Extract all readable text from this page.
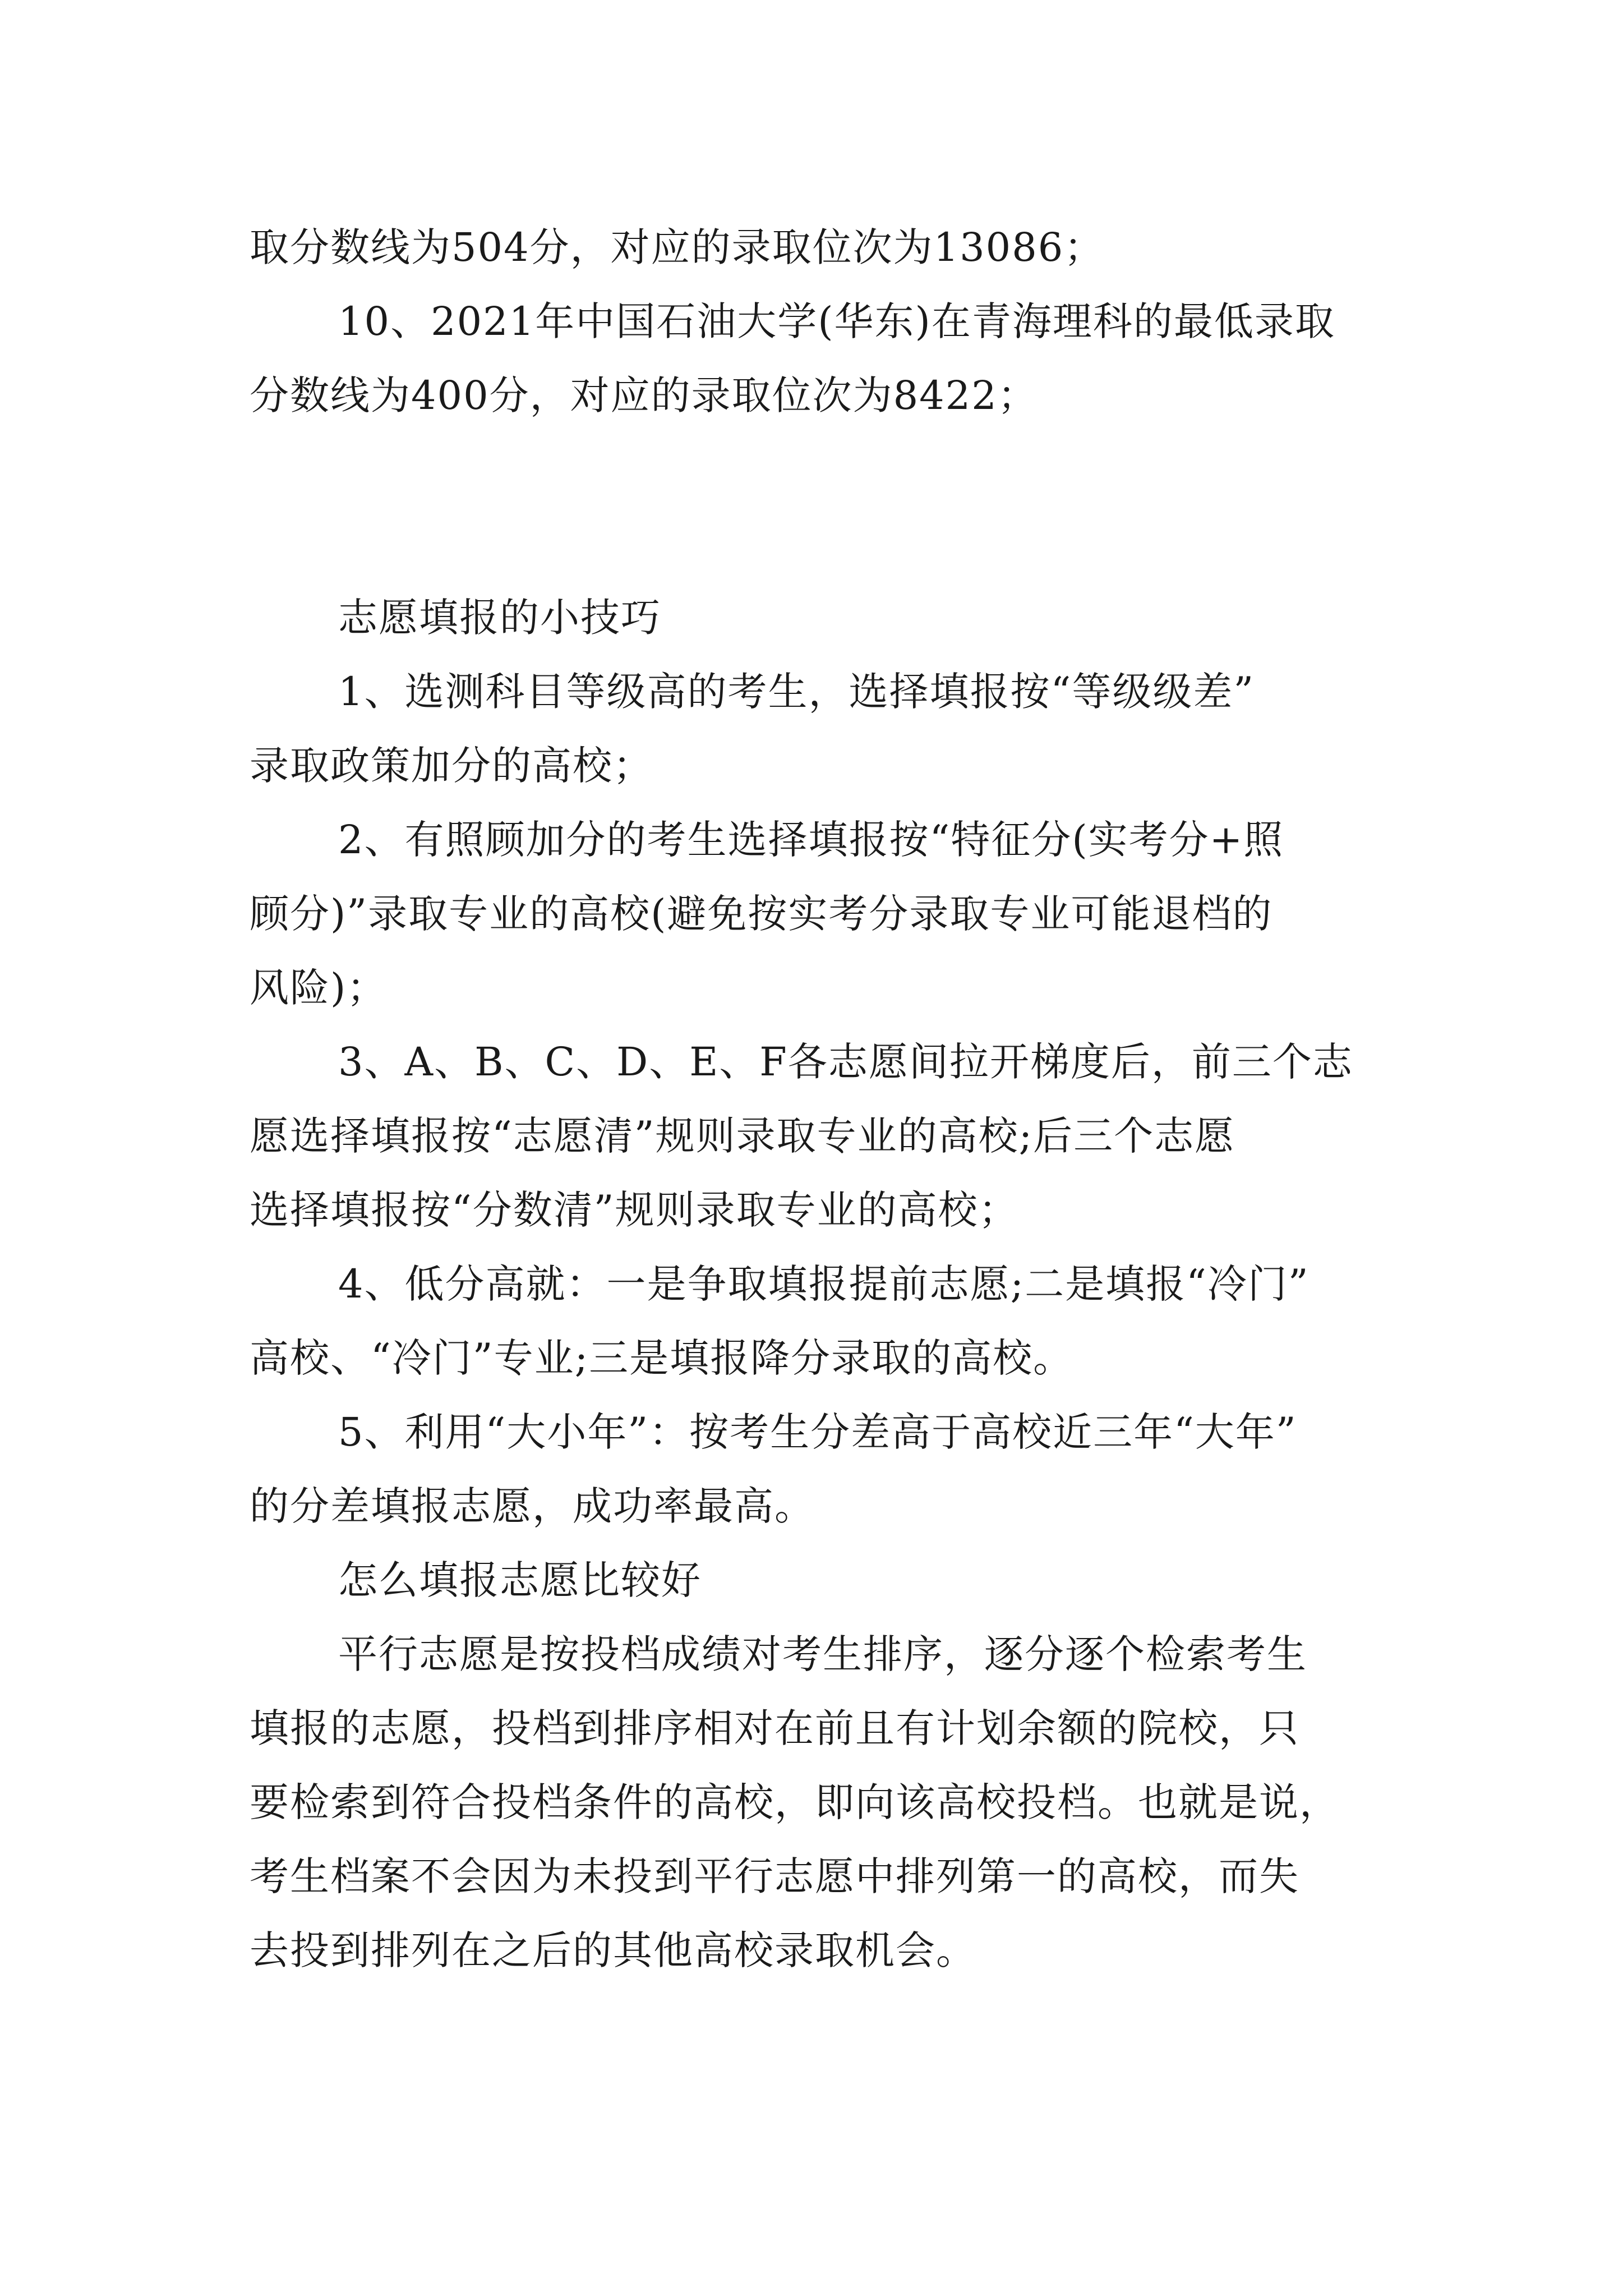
取分数线为504分，对应的录取位次为13086；
10、2021年中国石油大学(华东)在青海理科的最低录取
分数线为400分，对应的录取位次为8422；
志愿填报的小技巧
1、选测科目等级高的考生，选择填报按“等级级差”
录取政策加分的高校；
2、有照顾加分的考生选择填报按“特征分(实考分+照
顾分)”录取专业的高校(避免按实考分录取专业可能退档的
风险)；
3、A、B、C、D、E、F各志愿间拉开梯度后，前三个志
愿选择填报按“志愿清”规则录取专业的高校;后三个志愿
选择填报按“分数清”规则录取专业的高校；
4、低分高就：一是争取填报提前志愿;二是填报“冷门”
高校、“冷门”专业;三是填报降分录取的高校。
5、利用“大小年”：按考生分差高于高校近三年“大年”
的分差填报志愿，成功率最高。
怎么填报志愿比较好
平行志愿是按投档成绩对考生排序，逐分逐个检索考生
填报的志愿，投档到排序相对在前且有计划余额的院校，只
要检索到符合投档条件的高校，即向该高校投档。也就是说，
考生档案不会因为未投到平行志愿中排列第一的高校，而失
去投到排列在之后的其他高校录取机会。
